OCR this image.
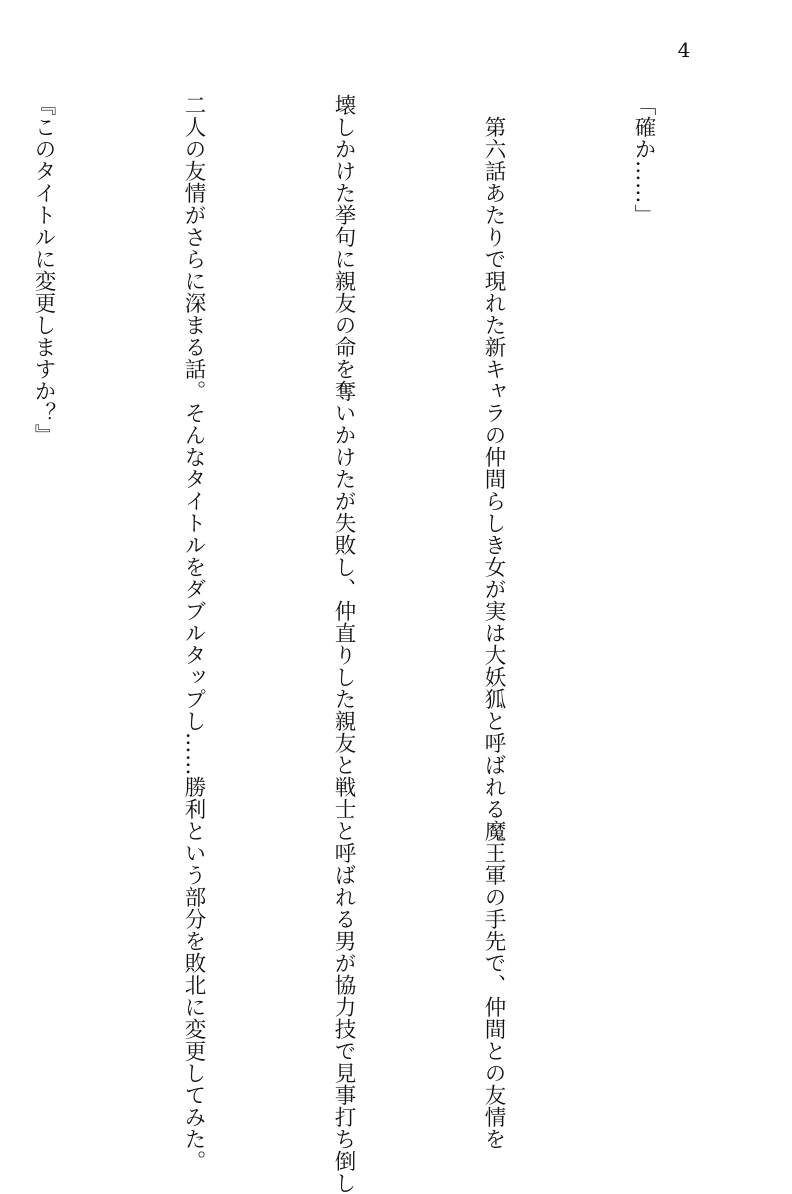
4

「確か……」

第六話あたりで現れた新キャラの仲間らしき女が実は大妖狐と呼ばれる魔王軍の手先で、仲間との友情を

壊しかけた挙句に親友の命を奪いかけたが失敗し、仲直りした親友と戦士と呼ばれる男が協力技で見事打ち倒し

二人の友情がさらに深まる話。そんなタイトルをダブルタップし……勝利という部分を敗北に変更してみた。

『このタイトルに変更しますか？』
